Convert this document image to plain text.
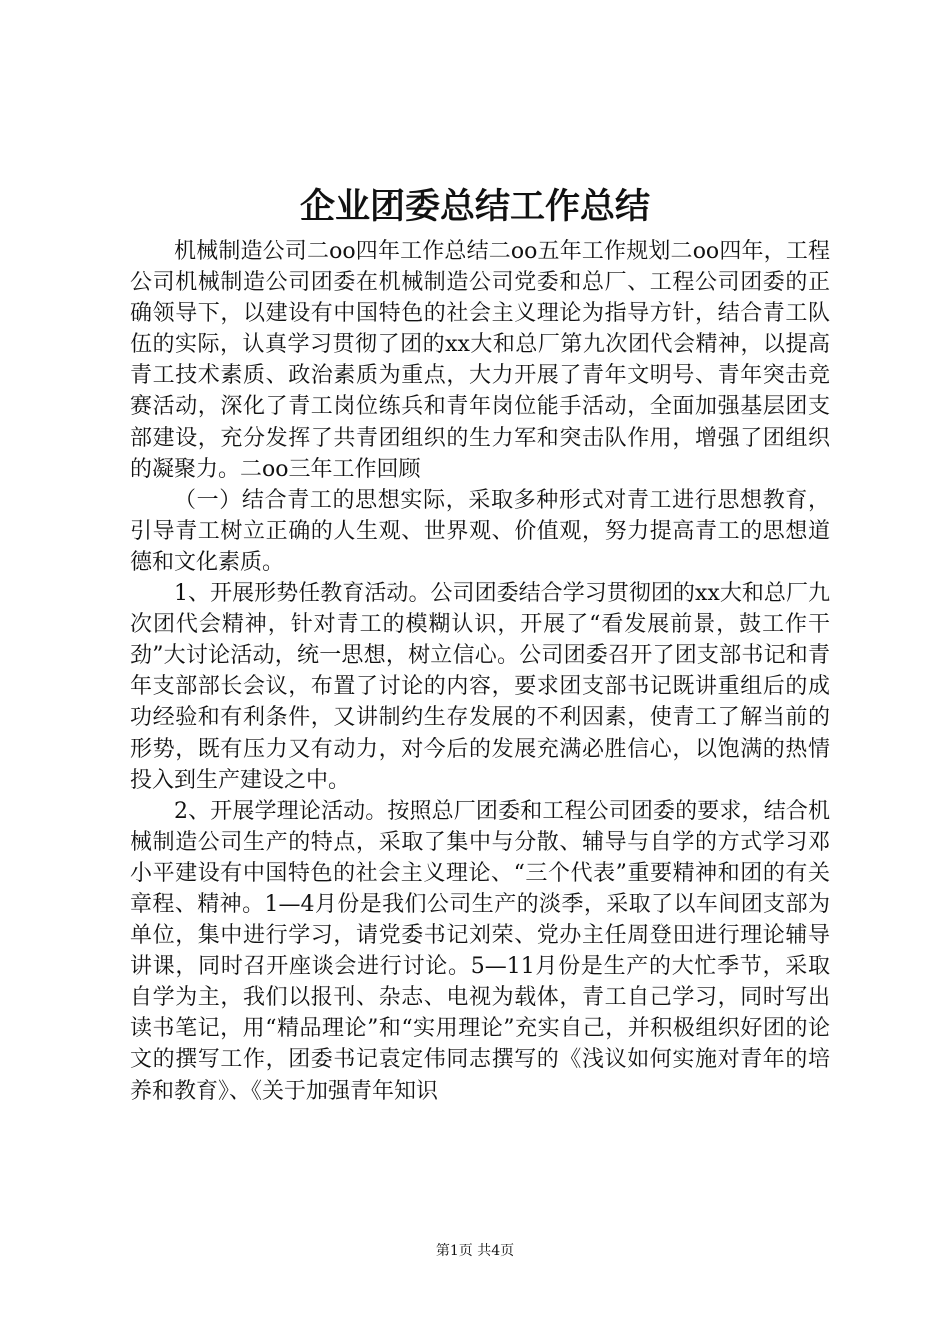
企业团委总结工作总结

机械制造公司二oo四年工作总结二oo五年工作规划二oo四年，工程公司机械制造公司团委在机械制造公司党委和总厂、工程公司团委的正确领导下，以建设有中国特色的社会主义理论为指导方针，结合青工队伍的实际，认真学习贯彻了团的xx大和总厂第九次团代会精神，以提高青工技术素质、政治素质为重点，大力开展了青年文明号、青年突击竞赛活动，深化了青工岗位练兵和青年岗位能手活动，全面加强基层团支部建设，充分发挥了共青团组织的生力军和突击队作用，增强了团组织的凝聚力。二oo三年工作回顾

（一）结合青工的思想实际，采取多种形式对青工进行思想教育，引导青工树立正确的人生观、世界观、价值观，努力提高青工的思想道德和文化素质。

1、开展形势任教育活动。公司团委结合学习贯彻团的xx大和总厂九次团代会精神，针对青工的模糊认识，开展了“看发展前景，鼓工作干劲”大讨论活动，统一思想，树立信心。公司团委召开了团支部书记和青年支部部长会议，布置了讨论的内容，要求团支部书记既讲重组后的成功经验和有利条件，又讲制约生存发展的不利因素，使青工了解当前的形势，既有压力又有动力，对今后的发展充满必胜信心，以饱满的热情投入到生产建设之中。

2、开展学理论活动。按照总厂团委和工程公司团委的要求，结合机械制造公司生产的特点，采取了集中与分散、辅导与自学的方式学习邓小平建设有中国特色的社会主义理论、“三个代表”重要精神和团的有关章程、精神。1—4月份是我们公司生产的淡季，采取了以车间团支部为单位，集中进行学习，请党委书记刘荣、党办主任周登田进行理论辅导讲课，同时召开座谈会进行讨论。5—11月份是生产的大忙季节，采取自学为主，我们以报刊、杂志、电视为载体，青工自己学习，同时写出读书笔记，用“精品理论”和“实用理论”充实自己，并积极组织好团的论文的撰写工作，团委书记袁定伟同志撰写的《浅议如何实施对青年的培养和教育》、《关于加强青年知识

第1页 共4页
